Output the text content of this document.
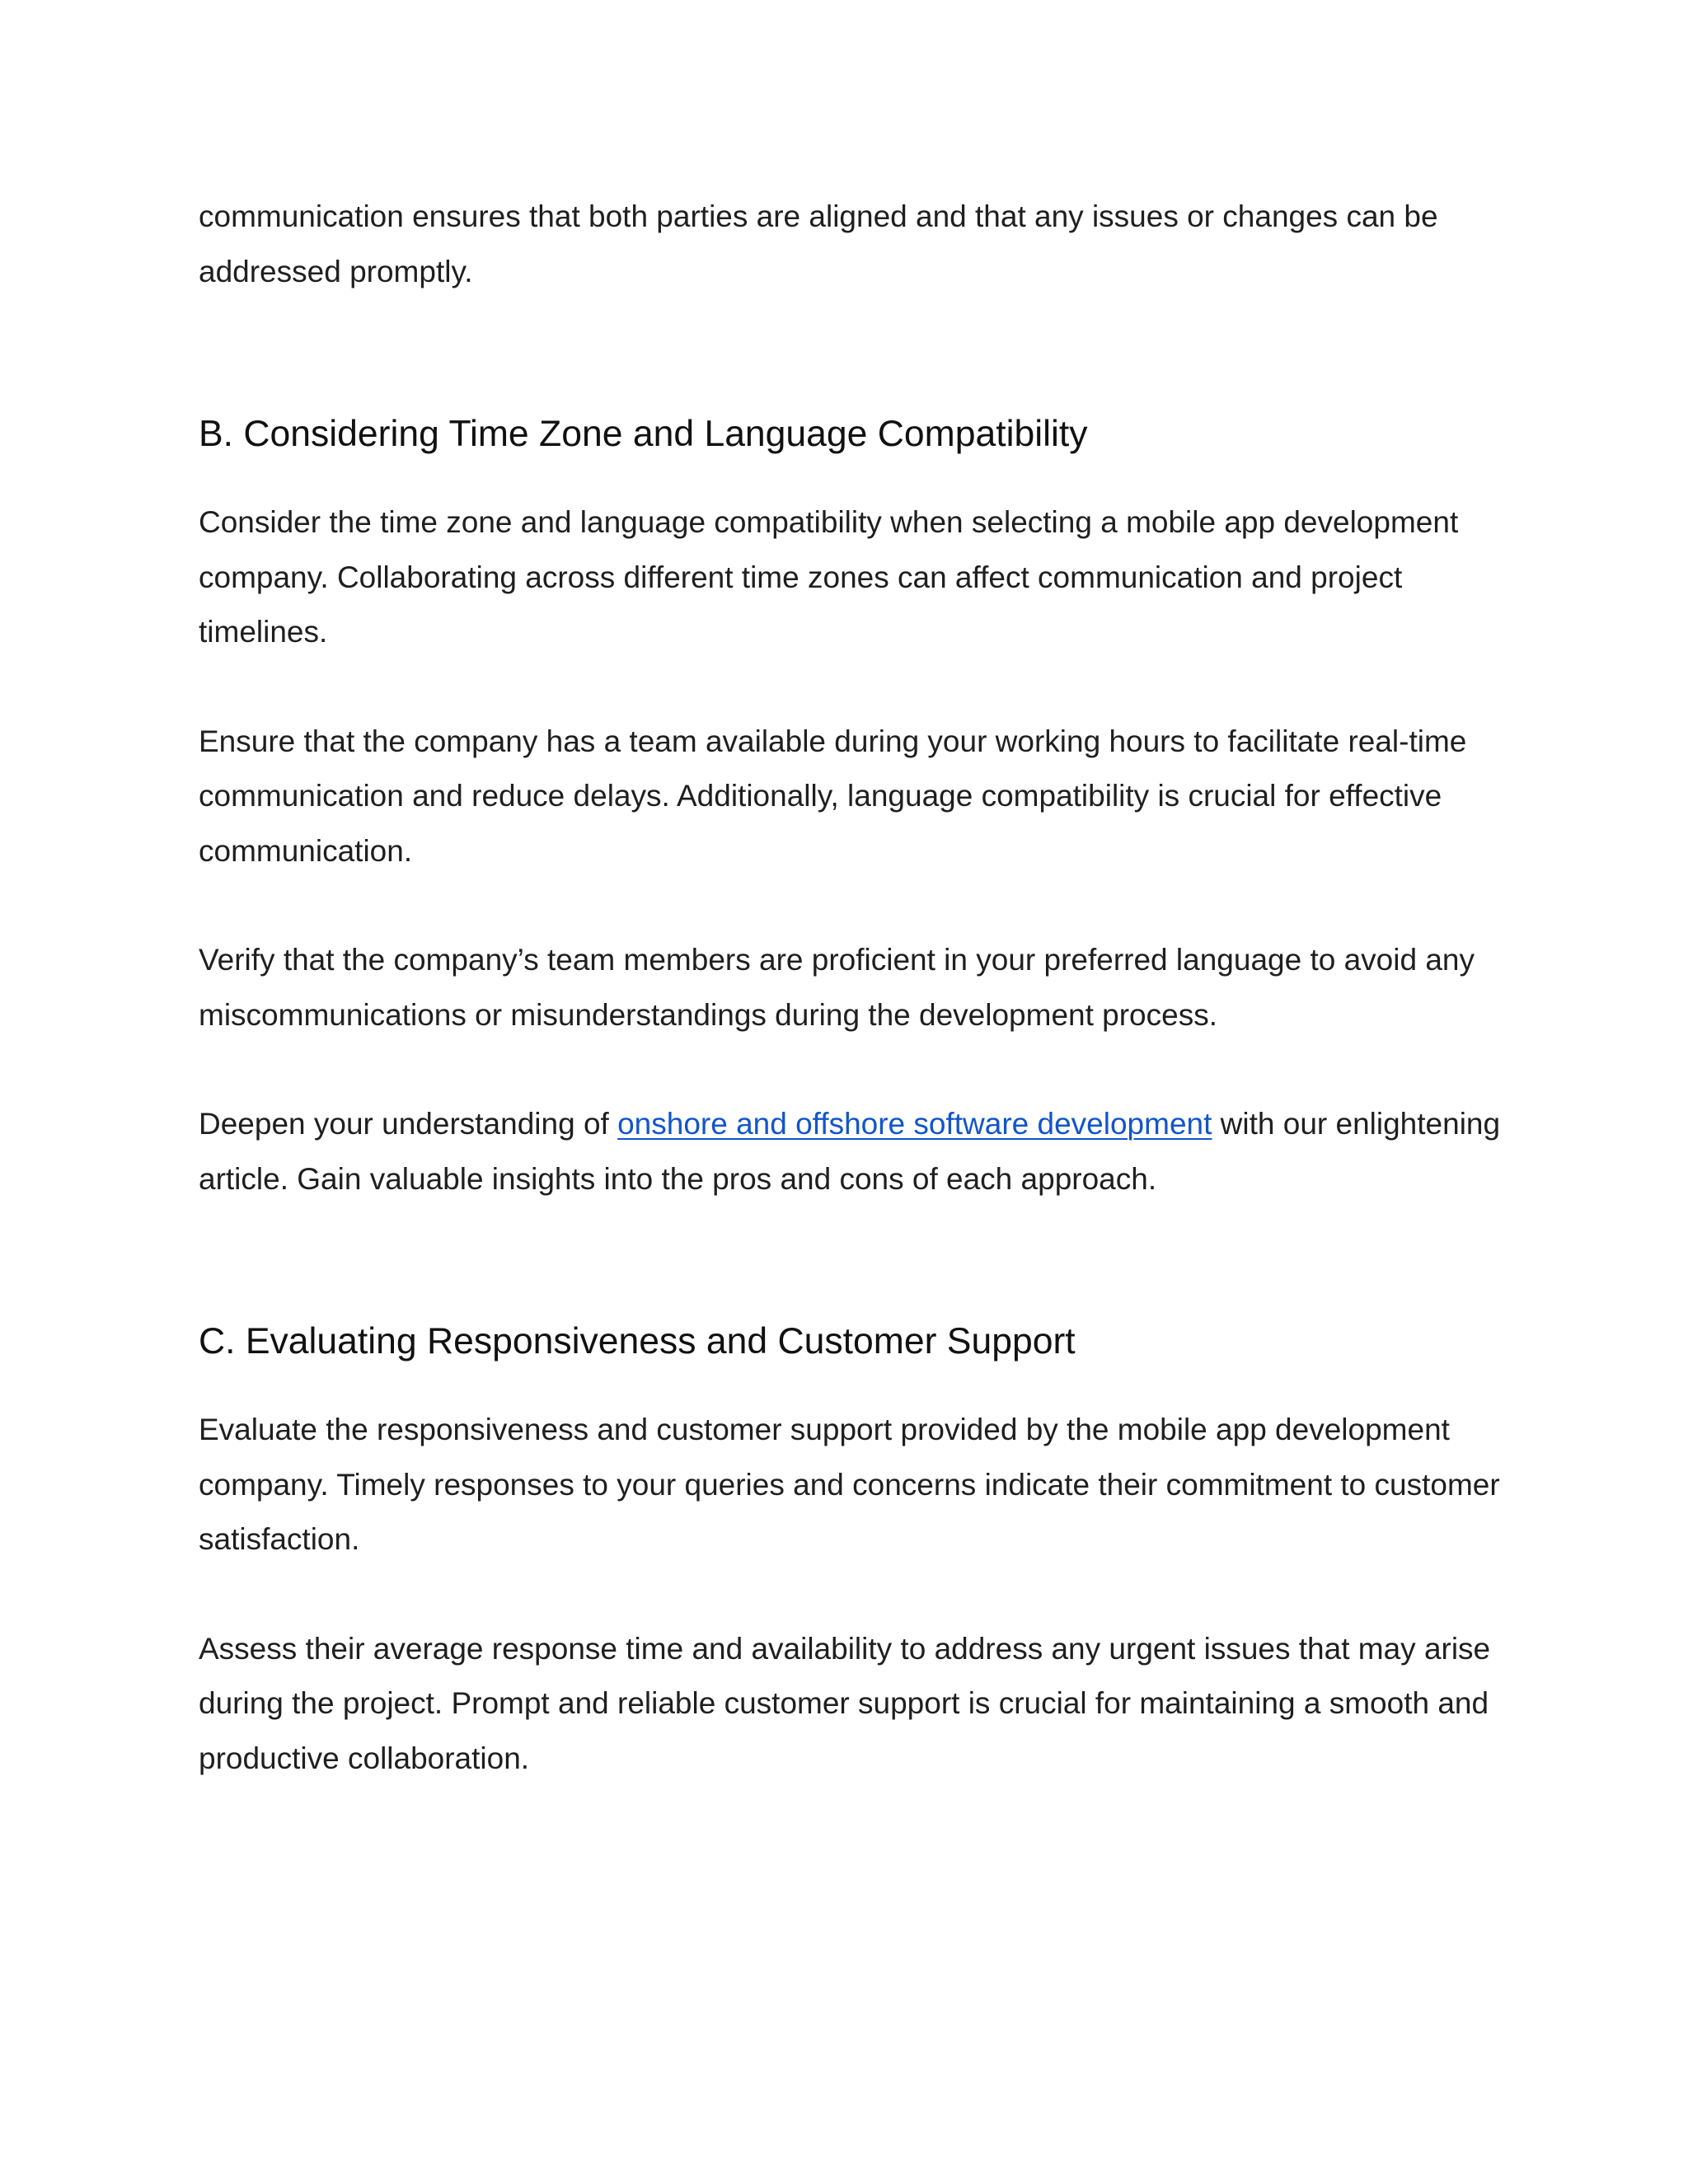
communication ensures that both parties are aligned and that any issues or changes can be addressed promptly.

B. Considering Time Zone and Language Compatibility

Consider the time zone and language compatibility when selecting a mobile app development company. Collaborating across different time zones can affect communication and project timelines.

Ensure that the company has a team available during your working hours to facilitate real-time communication and reduce delays. Additionally, language compatibility is crucial for effective communication.

Verify that the company’s team members are proficient in your preferred language to avoid any miscommunications or misunderstandings during the development process.

Deepen your understanding of onshore and offshore software development with our enlightening article. Gain valuable insights into the pros and cons of each approach.

C. Evaluating Responsiveness and Customer Support

Evaluate the responsiveness and customer support provided by the mobile app development company. Timely responses to your queries and concerns indicate their commitment to customer satisfaction.

Assess their average response time and availability to address any urgent issues that may arise during the project. Prompt and reliable customer support is crucial for maintaining a smooth and productive collaboration.
